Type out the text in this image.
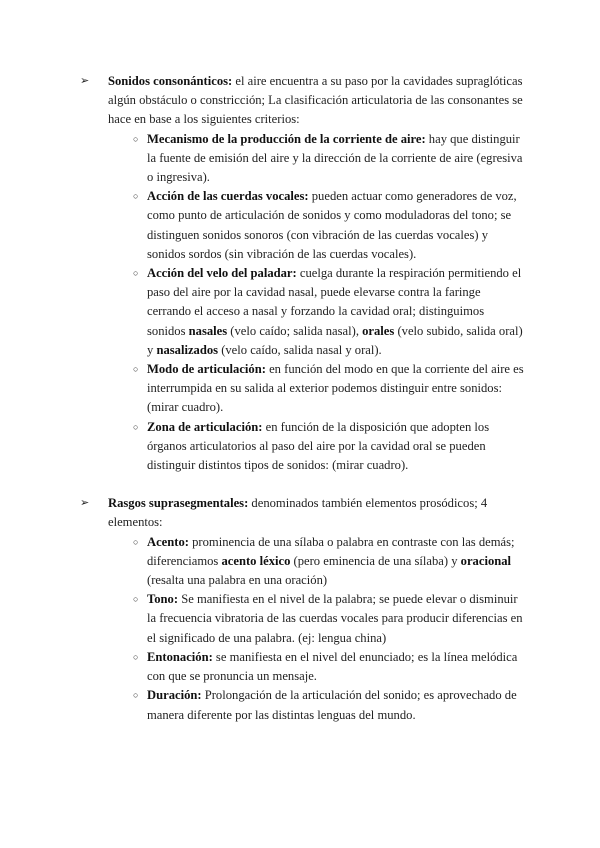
➢ Sonidos consonánticos: el aire encuentra a su paso por la cavidades supraglóticas algún obstáculo o constricción; La clasificación articulatoria de las consonantes se hace en base a los siguientes criterios:
○ Mecanismo de la producción de la corriente de aire: hay que distinguir la fuente de emisión del aire y la dirección de la corriente de aire (egresiva o ingresiva).
○ Acción de las cuerdas vocales: pueden actuar como generadores de voz, como punto de articulación de sonidos y como moduladoras del tono; se distinguen sonidos sonoros (con vibración de las cuerdas vocales) y sonidos sordos (sin vibración de las cuerdas vocales).
○ Acción del velo del paladar: cuelga durante la respiración permitiendo el paso del aire por la cavidad nasal, puede elevarse contra la faringe cerrando el acceso a nasal y forzando la cavidad oral; distinguimos sonidos nasales (velo caído; salida nasal), orales (velo subido, salida oral) y nasalizados (velo caído, salida nasal y oral).
○ Modo de articulación: en función del modo en que la corriente del aire es interrumpida en su salida al exterior podemos distinguir entre sonidos: (mirar cuadro).
○ Zona de articulación: en función de la disposición que adopten los órganos articulatorios al paso del aire por la cavidad oral se pueden distinguir distintos tipos de sonidos: (mirar cuadro).
➢ Rasgos suprasegmentales: denominados también elementos prosódicos; 4 elementos:
○ Acento: prominencia de una sílaba o palabra en contraste con las demás; diferenciamos acento léxico (pero eminencia de una sílaba) y oracional (resalta una palabra en una oración)
○ Tono: Se manifiesta en el nivel de la palabra; se puede elevar o disminuir la frecuencia vibratoria de las cuerdas vocales para producir diferencias en el significado de una palabra. (ej: lengua china)
○ Entonación: se manifiesta en el nivel del enunciado; es la línea melódica con que se pronuncia un mensaje.
○ Duración: Prolongación de la articulación del sonido; es aprovechado de manera diferente por las distintas lenguas del mundo.
